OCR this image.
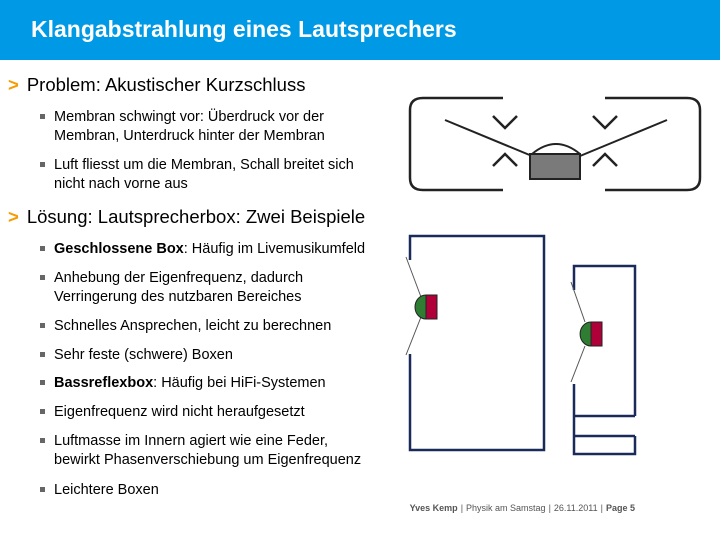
Klangabstrahlung eines Lautsprechers
> Problem: Akustischer Kurzschluss
Membran schwingt vor: Überdruck vor der
Membran, Unterdruck hinter der Membran
Luft fliesst um die Membran, Schall breitet sich
nicht nach vorne aus
> Lösung: Lautsprecherbox: Zwei Beispiele
Geschlossene Box: Häufig im Livemusikumfeld
Anhebung der Eigenfrequenz, dadurch
Verringerung des nutzbaren Bereiches
Schnelles Ansprechen, leicht zu berechnen
Sehr feste (schwere) Boxen
Bassreflexbox: Häufig bei HiFi-Systemen
Eigenfrequenz wird nicht heraufgesetzt
Luftmasse im Innern agiert wie eine Feder,
bewirkt Phasenverschiebung um Eigenfrequenz
Leichtere Boxen
Yves Kemp | Physik am Samstag | 26.11.2011 | Page 5
